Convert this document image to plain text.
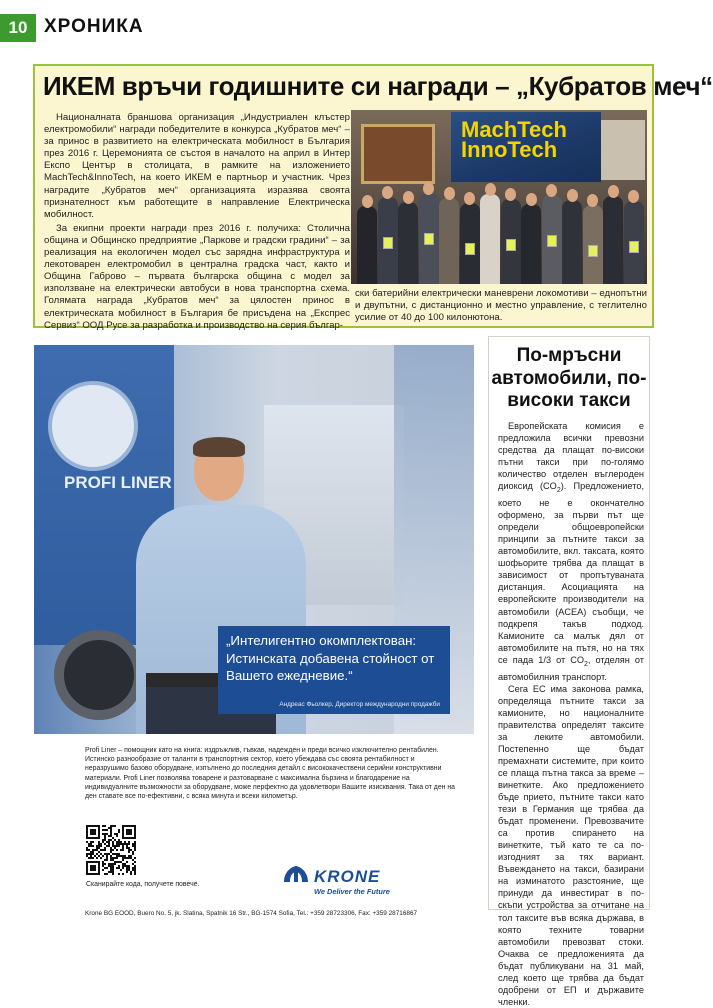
10 ХРОНИКА
ИКЕМ връчи годишните си награди – „Кубратов меч“

Националната браншова организация „Индустриален клъстер електромобили“ награди победителите в конкурса „Кубратов меч“ – за принос в развитието на електрическата мобилност в България през 2016 г. Церемонията се състоя в началото на април в Интер Експо Център в столицата, в рамките на изложението MachTech&InnoTech, на което ИКЕМ е партньор и участник. Чрез наградите „Кубратов меч“ организацията изразява своята признателност към работещите в направление Електрическа мобилност.

За екипни проекти награди през 2016 г. получиха: Столична община и Общинско предприятие „Паркове и градски градини“ – за реализация на екологичен модел със зарядна инфраструктура и лекотоварен електромобил в централна градска част, както и Община Габрово – първата българска община с модел за използване на електрически автобуси в нова транспортна схема. Голямата награда „Кубратов меч“ за цялостен принос в електрическата мобилност в България бе присъдена на „Експрес Сервиз“ ООД Русе за разработка и производство на серия българ-

MachTech InnoTech
ски батерийни електрически маневрени локомотиви – еднопътни и двупътни, с дистанционно и местно управление, с теглително усилие от 40 до 100 килонютона.
PROFI LINER
„Интелигентно окомплектован: Истинската добавена стойност от Вашето ежедневие.“
Андреас Фьолкер, Директор международни продажби
Profi Liner – помощник като на книга: издръжлив, гъвкав, надежден и преди всичко изключително рентабилен. Истинско разнообразие от таланти в транспортния сектор, което убеждава със своята рентабилност и неразрушимо базово оборудване, изпълнено до последния детайл с висококачествени серийни конструктивни материали. Profi Liner позволява товарене и разтоварване с максимална бързина и благодарение на индивидуалните възможности за оборудване, може перфектно да удовлетвори Вашите изисквания. Така от ден на ден ставате все по-ефективни, с всяка минута и всеки километър.
Сканирайте кода, получете повече.	KRONE
We Deliver the Future
Krone BG EOOD, Buero No. 5, jk. Slatina, Spatnik 16 Str., BG-1574 Sofia, Tel.: +359 28723306, Fax: +359 28716867
По-мръсни автомобили, по-високи такси

Европейската комисия е предложила всички превозни средства да плащат по-високи пътни такси при по-голямо количество отделен въглероден диоксид $(CO_2)$. Предложението, което не е окончателно оформено, за първи път ще определи общоевропейски принципи за пътните такси за автомобилите, вкл. таксата, която шофьорите трябва да плащат в зависимост от пропътуваната дистанция. Асоциацията на европейските производители на автомобили (ACEA) съобщи, че подкрепя такъв подход. Камионите са малък дял от автомобилите на пътя, но на тях се пада 1/3 от $CO_2$, отделян от автомобилния транспорт.

Сега ЕС има законова рамка, определяща пътните такси за камионите, но националните правителства определят таксите за леките автомобили. Постепенно ще бъдат премахнати системите, при които се плаща пътна такса за време – винетките. Ако предложението бъде прието, пътните такси като тези в Германия ще трябва да бъдат променени. Превозвачите са против спирането на винетките, тъй като те са по-изгодният за тях вариант. Въвеждането на такси, базирани на изминатото разстояние, ще принуди да инвестират в по-скъпи устройства за отчитане на тол таксите във всяка държава, в която техните товарни автомобили превозват стоки. Очаква се предложенията да бъдат публикувани на 31 май, след което ще трябва да бъдат одобрени от ЕП и държавите членки.
